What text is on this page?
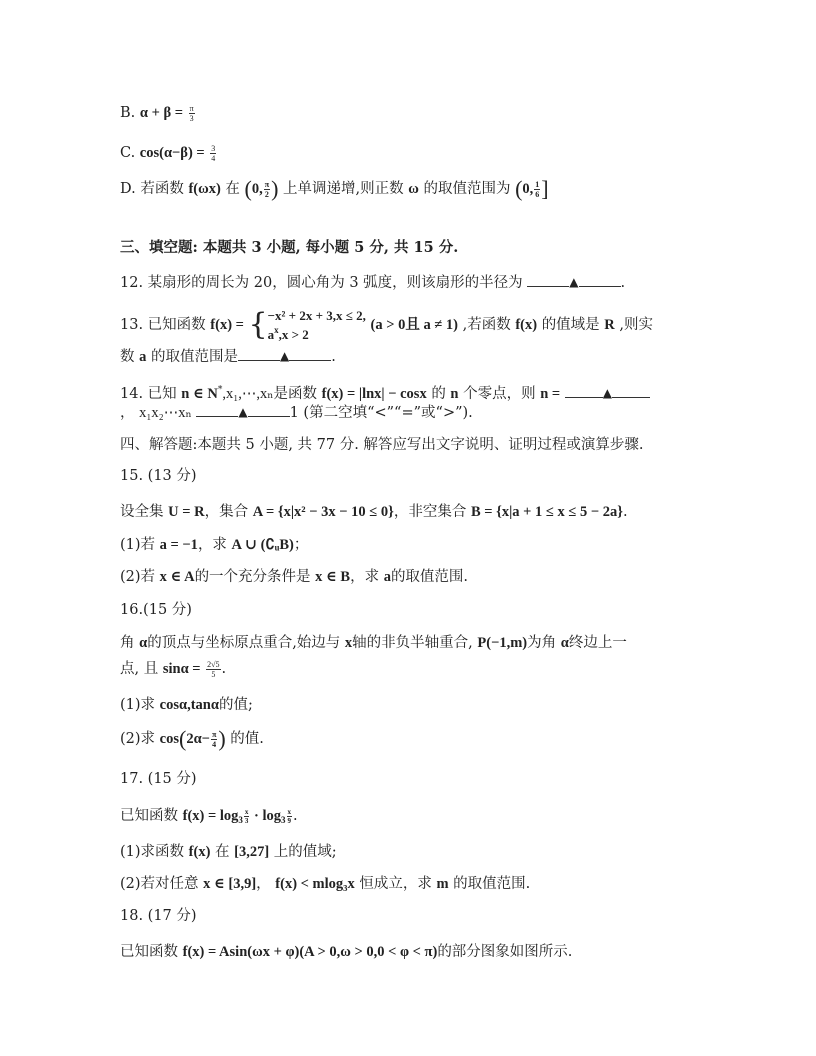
B. $\alpha + \beta = \frac{\pi}{3}$
C. $\cos(\alpha-\beta) = \frac{3}{4}$
D. 若函数 f(ωx) 在 (0, $\frac{\pi}{2}$ ) 上单调递增,则正数 ω 的取值范围为 (0, $\frac{1}{6}$ ]
三、填空题: 本题共 3 小题, 每小题 5 分, 共 15 分.
12. 某扇形的周长为 20，圆心角为 3 弧度，则该扇形的半径为	▲	.
13. 已知函数 f(x) = { −x² + 2x + 3,x ≤ 2,
$a^x,x > 2$
(a > 0且 a ≠ 1) ,若函数 f(x) 的值域是 R ,则实
数 a 的取值范围是	▲	.
14. 已知 n ∈ N*,x₁,⋯,xₙ是函数 f(x) = |lnx| − cosx 的 n 个零点，则 n =	▲
， x₁x₂⋯xₙ	▲	1 (第二空填“<”“=”或“>”).
四、解答题:本题共 5 小题, 共 77 分. 解答应写出文字说明、证明过程或演算步骤.
15. (13 分)
设全集 U = R，集合 A = {x|x² − 3x − 10 ≤ 0}，非空集合 B = {x|a + 1 ≤ x ≤ 5 − 2a}.
(1)若 a = −1，求 A ∪ (∁ᵤB)；
(2)若 x ∈ A的一个充分条件是 x ∈ B，求 a的取值范围.
16.(15 分)
角 α的顶点与坐标原点重合,始边与 x轴的非负半轴重合, P(−1,m)为角 α终边上一
点, 且 $\sin\alpha = \frac{2√5}{5}$ .
(1)求 cosα,tanα的值;
(2)求 $\cos(2\alpha- \frac{\pi}{4}$ ) 的值.
17. (15 分)
已知函数 $f(x) = \log_3 \frac{x}{3} \cdot \log_3 \frac{x}{9}$ .
(1)求函数 f(x) 在 [3,27] 上的值域;
(2)若对任意 x ∈ [3,9]， f(x) < mlog₃x 恒成立，求 m 的取值范围.
18. (17 分)
已知函数 f(x) = Asin(ωx + φ)(A > 0,ω > 0,0 < φ < π)的部分图象如图所示.
